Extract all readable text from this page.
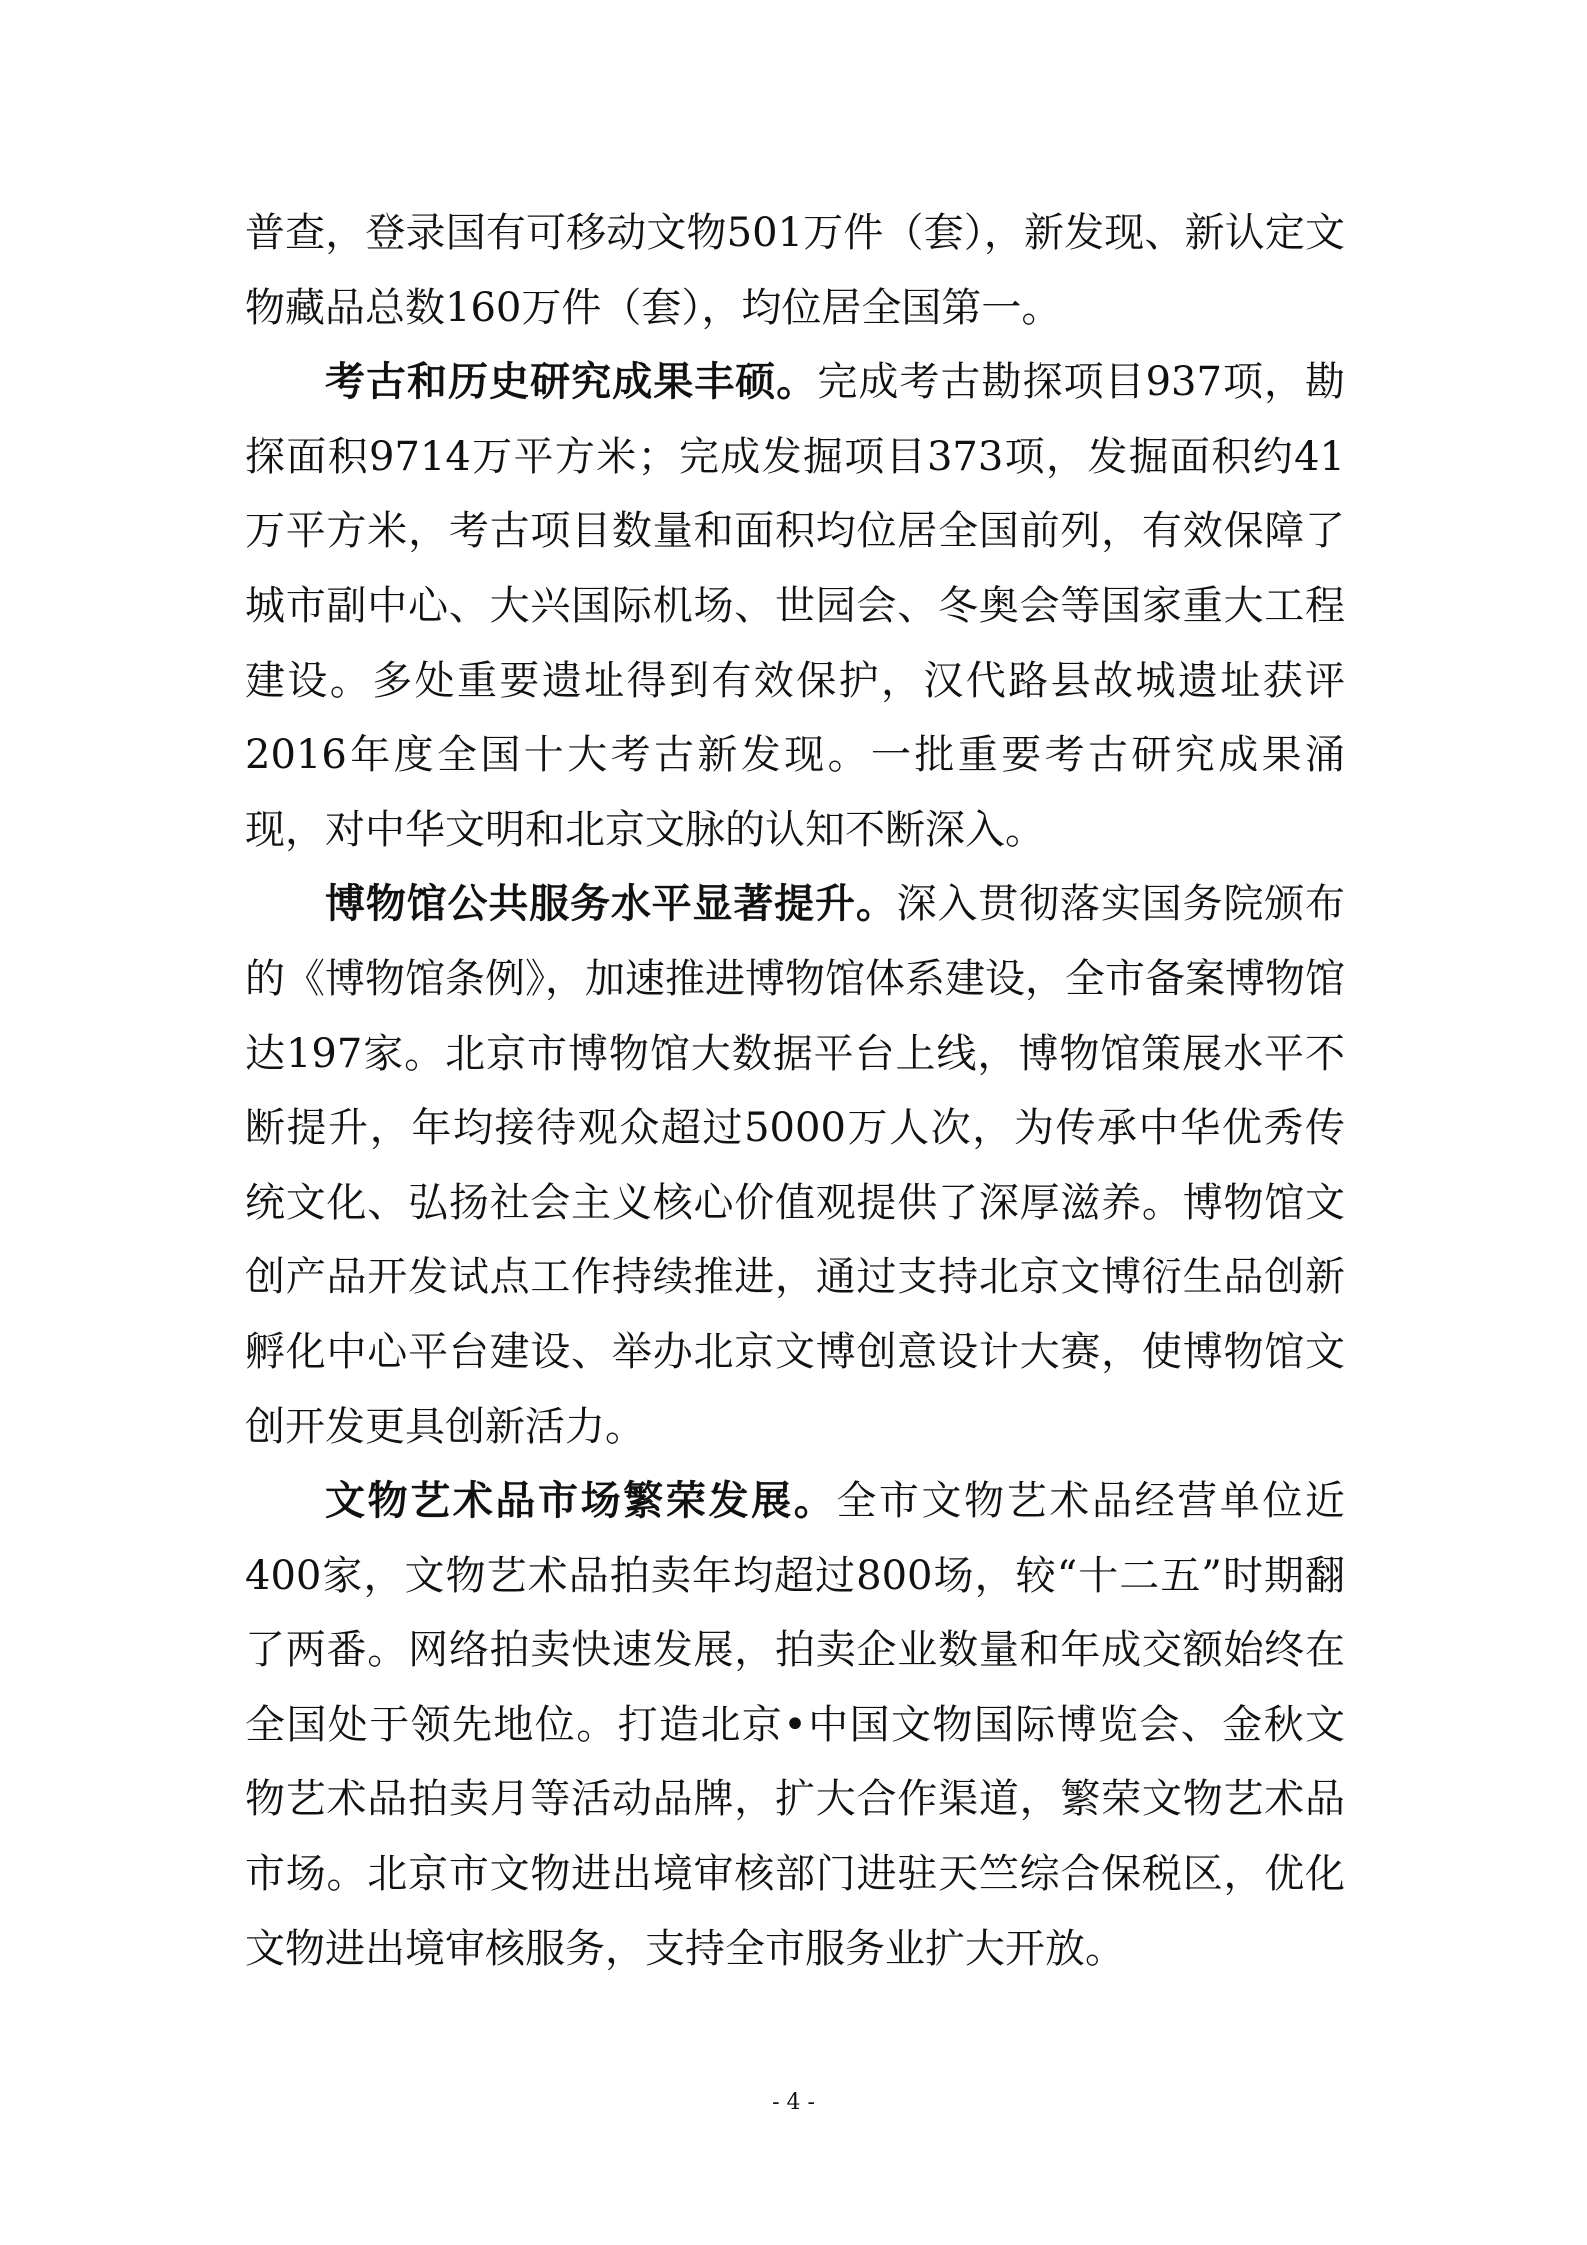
普查，登录国有可移动文物501万件（套），新发现、新认定文物藏品总数160万件（套），均位居全国第一。

考古和历史研究成果丰硕。完成考古勘探项目937项，勘探面积9714万平方米；完成发掘项目373项，发掘面积约41万平方米，考古项目数量和面积均位居全国前列，有效保障了城市副中心、大兴国际机场、世园会、冬奥会等国家重大工程建设。多处重要遗址得到有效保护，汉代路县故城遗址获评2016年度全国十大考古新发现。一批重要考古研究成果涌现，对中华文明和北京文脉的认知不断深入。

博物馆公共服务水平显著提升。深入贯彻落实国务院颁布的《博物馆条例》，加速推进博物馆体系建设，全市备案博物馆达197家。北京市博物馆大数据平台上线，博物馆策展水平不断提升，年均接待观众超过5000万人次，为传承中华优秀传统文化、弘扬社会主义核心价值观提供了深厚滋养。博物馆文创产品开发试点工作持续推进，通过支持北京文博衍生品创新孵化中心平台建设、举办北京文博创意设计大赛，使博物馆文创开发更具创新活力。

文物艺术品市场繁荣发展。全市文物艺术品经营单位近400家，文物艺术品拍卖年均超过800场，较“十二五”时期翻了两番。网络拍卖快速发展，拍卖企业数量和年成交额始终在全国处于领先地位。打造北京•中国文物国际博览会、金秋文物艺术品拍卖月等活动品牌，扩大合作渠道，繁荣文物艺术品市场。北京市文物进出境审核部门进驻天竺综合保税区，优化文物进出境审核服务，支持全市服务业扩大开放。

- 4 -
